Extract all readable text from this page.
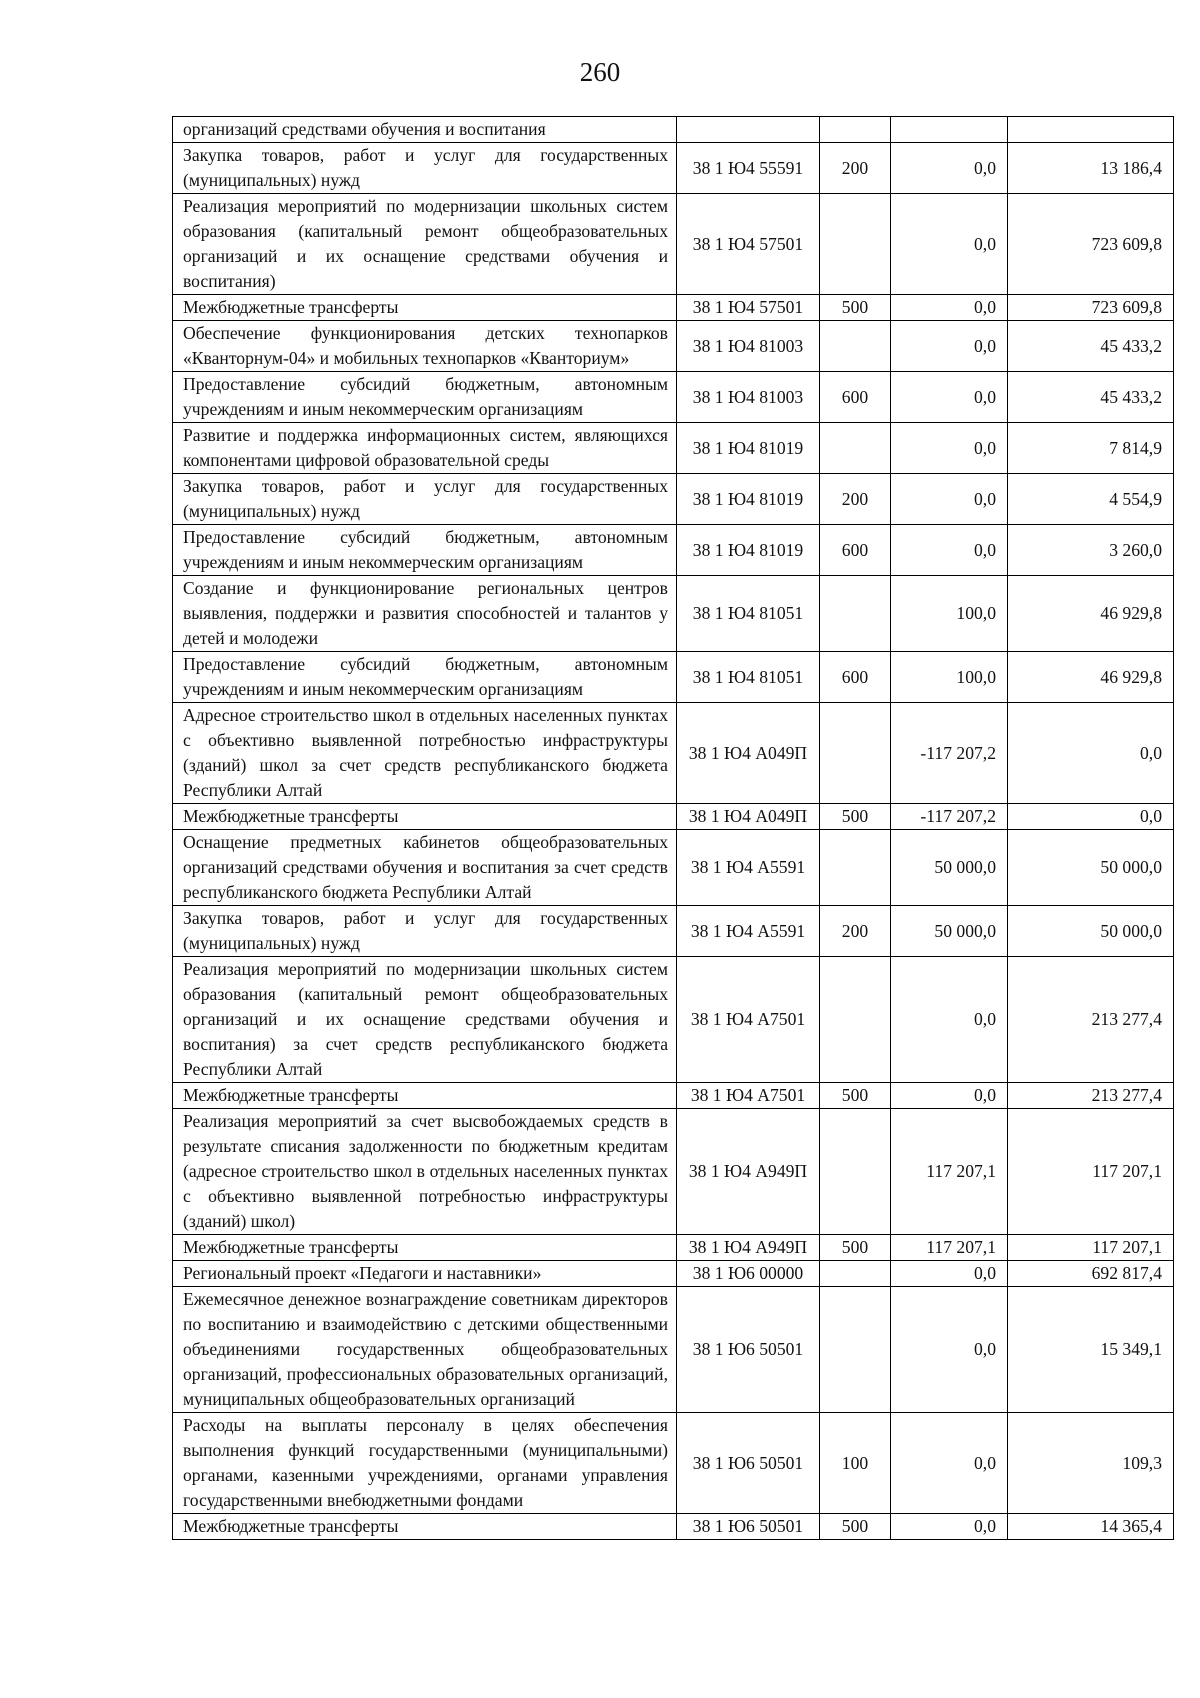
260
организаций средствами обучения и воспитания				
Закупка товаров, работ и услуг для государственных (муниципальных) нужд	38 1 Ю4 55591	200	0,0	13 186,4
Реализация мероприятий по модернизации школьных систем образования (капитальный ремонт общеобразовательных организаций и их оснащение средствами обучения и воспитания)	38 1 Ю4 57501		0,0	723 609,8
Межбюджетные трансферты	38 1 Ю4 57501	500	0,0	723 609,8
Обеспечение функционирования детских технопарков «Кванторнум-04» и мобильных технопарков «Кванториум»	38 1 Ю4 81003		0,0	45 433,2
Предоставление субсидий бюджетным, автономным учреждениям и иным некоммерческим организациям	38 1 Ю4 81003	600	0,0	45 433,2
Развитие и поддержка информационных систем, являющихся компонентами цифровой образовательной среды	38 1 Ю4 81019		0,0	7 814,9
Закупка товаров, работ и услуг для государственных (муниципальных) нужд	38 1 Ю4 81019	200	0,0	4 554,9
Предоставление субсидий бюджетным, автономным учреждениям и иным некоммерческим организациям	38 1 Ю4 81019	600	0,0	3 260,0
Создание и функционирование региональных центров выявления, поддержки и развития способностей и талантов у детей и молодежи	38 1 Ю4 81051		100,0	46 929,8
Предоставление субсидий бюджетным, автономным учреждениям и иным некоммерческим организациям	38 1 Ю4 81051	600	100,0	46 929,8
Адресное строительство школ в отдельных населенных пунктах с объективно выявленной потребностью инфраструктуры (зданий) школ за счет средств республиканского бюджета Республики Алтай	38 1 Ю4 А049П		-117 207,2	0,0
Межбюджетные трансферты	38 1 Ю4 А049П	500	-117 207,2	0,0
Оснащение предметных кабинетов общеобразовательных организаций средствами обучения и воспитания за счет средств республиканского бюджета Республики Алтай	38 1 Ю4 А5591		50 000,0	50 000,0
Закупка товаров, работ и услуг для государственных (муниципальных) нужд	38 1 Ю4 А5591	200	50 000,0	50 000,0
Реализация мероприятий по модернизации школьных систем образования (капитальный ремонт общеобразовательных организаций и их оснащение средствами обучения и воспитания) за счет средств республиканского бюджета Республики Алтай	38 1 Ю4 А7501		0,0	213 277,4
Межбюджетные трансферты	38 1 Ю4 А7501	500	0,0	213 277,4
Реализация мероприятий за счет высвобождаемых средств в результате списания задолженности по бюджетным кредитам (адресное строительство школ в отдельных населенных пунктах с объективно выявленной потребностью инфраструктуры (зданий) школ)	38 1 Ю4 А949П		117 207,1	117 207,1
Межбюджетные трансферты	38 1 Ю4 А949П	500	117 207,1	117 207,1
Региональный проект «Педагоги и наставники»	38 1 Ю6 00000		0,0	692 817,4
Ежемесячное денежное вознаграждение советникам директоров по воспитанию и взаимодействию с детскими общественными объединениями государственных общеобразовательных организаций, профессиональных образовательных организаций, муниципальных общеобразовательных организаций	38 1 Ю6 50501		0,0	15 349,1
Расходы на выплаты персоналу в целях обеспечения выполнения функций государственными (муниципальными) органами, казенными учреждениями, органами управления государственными внебюджетными фондами	38 1 Ю6 50501	100	0,0	109,3
Межбюджетные трансферты	38 1 Ю6 50501	500	0,0	14 365,4
